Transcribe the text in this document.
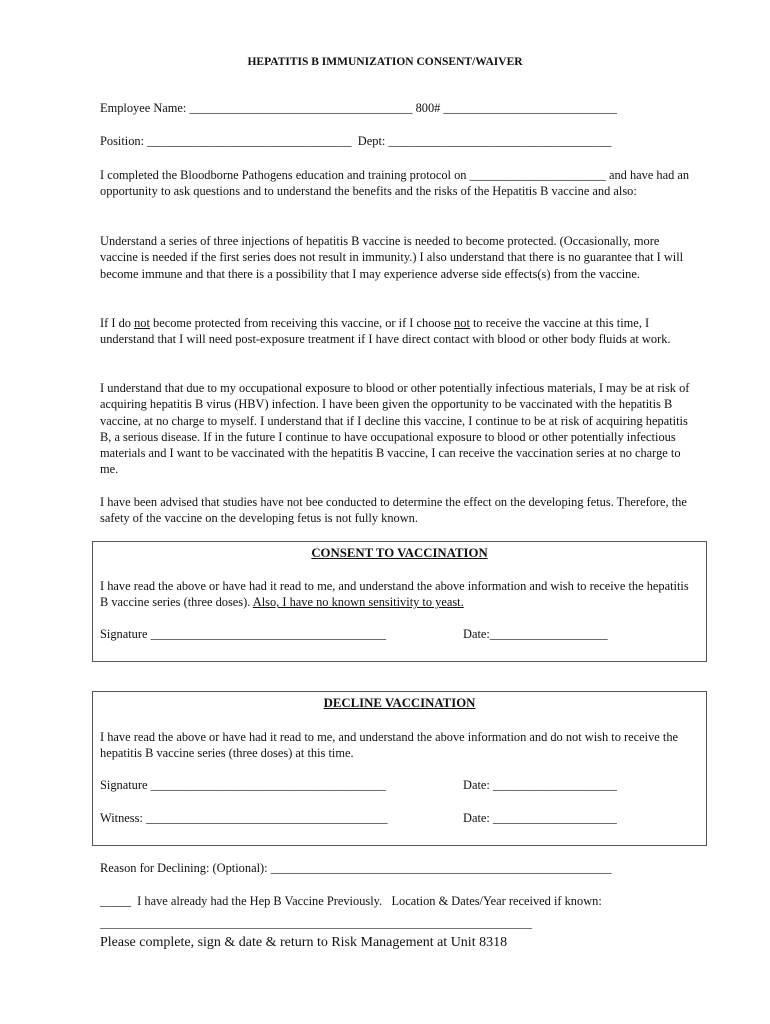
HEPATITIS B IMMUNIZATION CONSENT/WAIVER
Employee Name: ____________________________________ 800# ____________________________
Position: _________________________________  Dept: ____________________________________

I completed the Bloodborne Pathogens education and training protocol on ______________________ and have had an opportunity to ask questions and to understand the benefits and the risks of the Hepatitis B vaccine and also:

Understand a series of three injections of hepatitis B vaccine is needed to become protected. (Occasionally, more vaccine is needed if the first series does not result in immunity.) I also understand that there is no guarantee that I will become immune and that there is a possibility that I may experience adverse side effects(s) from the vaccine.

If I do not become protected from receiving this vaccine, or if I choose not to receive the vaccine at this time, I understand that I will need post-exposure treatment if I have direct contact with blood or other body fluids at work.

I understand that due to my occupational exposure to blood or other potentially infectious materials, I may be at risk of acquiring hepatitis B virus (HBV) infection. I have been given the opportunity to be vaccinated with the hepatitis B vaccine, at no charge to myself. I understand that if I decline this vaccine, I continue to be at risk of acquiring hepatitis B, a serious disease. If in the future I continue to have occupational exposure to blood or other potentially infectious materials and I want to be vaccinated with the hepatitis B vaccine, I can receive the vaccination series at no charge to me.

I have been advised that studies have not bee conducted to determine the effect on the developing fetus. Therefore, the safety of the vaccine on the developing fetus is not fully known.

CONSENT TO VACCINATION

I have read the above or have had it read to me, and understand the above information and wish to receive the hepatitis B vaccine series (three doses). Also, I have no known sensitivity to yeast.

Signature ______________________________________	Date:___________________
DECLINE VACCINATION

I have read the above or have had it read to me, and understand the above information and do not wish to receive the hepatitis B vaccine series (three doses) at this time.

Signature ______________________________________	Date: ____________________
Witness: _______________________________________	Date: ____________________
Reason for Declining: (Optional): _______________________________________________________
_____  I have already had the Hep B Vaccine Previously.   Location & Dates/Year received if known:
________________________________________________________________________
Please complete, sign & date & return to Risk Management at Unit 8318
